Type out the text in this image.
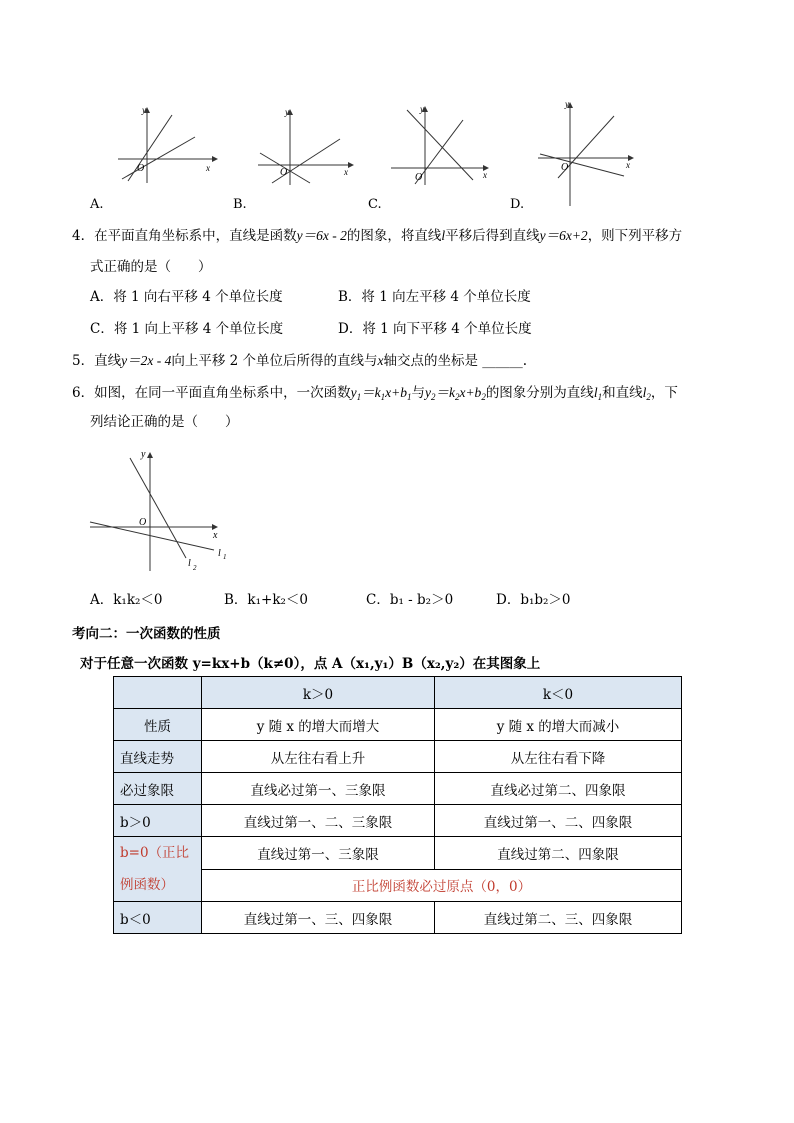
y
x
O
A.
y
x
O
B.
y
x
O
C.
y
x
O
D.
4．在平面直角坐标系中，直线是函数y＝6x - 2的图象，将直线l平移后得到直线y＝6x+2，则下列平移方
式正确的是（　　）
A．将 1 向右平移 4 个单位长度	B．将 1 向左平移 4 个单位长度
C．将 1 向上平移 4 个单位长度	D．将 1 向下平移 4 个单位长度
5．直线y＝2x - 4向上平移 2 个单位后所得的直线与x轴交点的坐标是 ______.
6．如图，在同一平面直角坐标系中，一次函数$y_1=k_1x+b_1$与$y_2=k_2x+b_2$的图象分别为直线$l_1$和直线$l_2$，下
列结论正确的是（　　）
y
x
O
l 1
l 2
A．k₁k₂＜0	B．k₁+k₂＜0	C．b₁ - b₂＞0	D．b₁b₂＞0
考向二：一次函数的性质
对于任意一次函数 y=kx+b（k≠0），点 A（x₁,y₁）B（x₂,y₂）在其图象上
	k＞0	k＜0
性质	y 随 x 的增大而增大	y 随 x 的增大而减小
直线走势	从左往右看上升	从左往右看下降
必过象限	直线必过第一、三象限	直线必过第二、四象限
b＞0	直线过第一、二、三象限	直线过第一、二、四象限
b=0（正比例函数）	直线过第一、三象限	直线过第二、四象限
	正比例函数必过原点（0，0）	
b＜0	直线过第一、三、四象限	直线过第二、三、四象限
